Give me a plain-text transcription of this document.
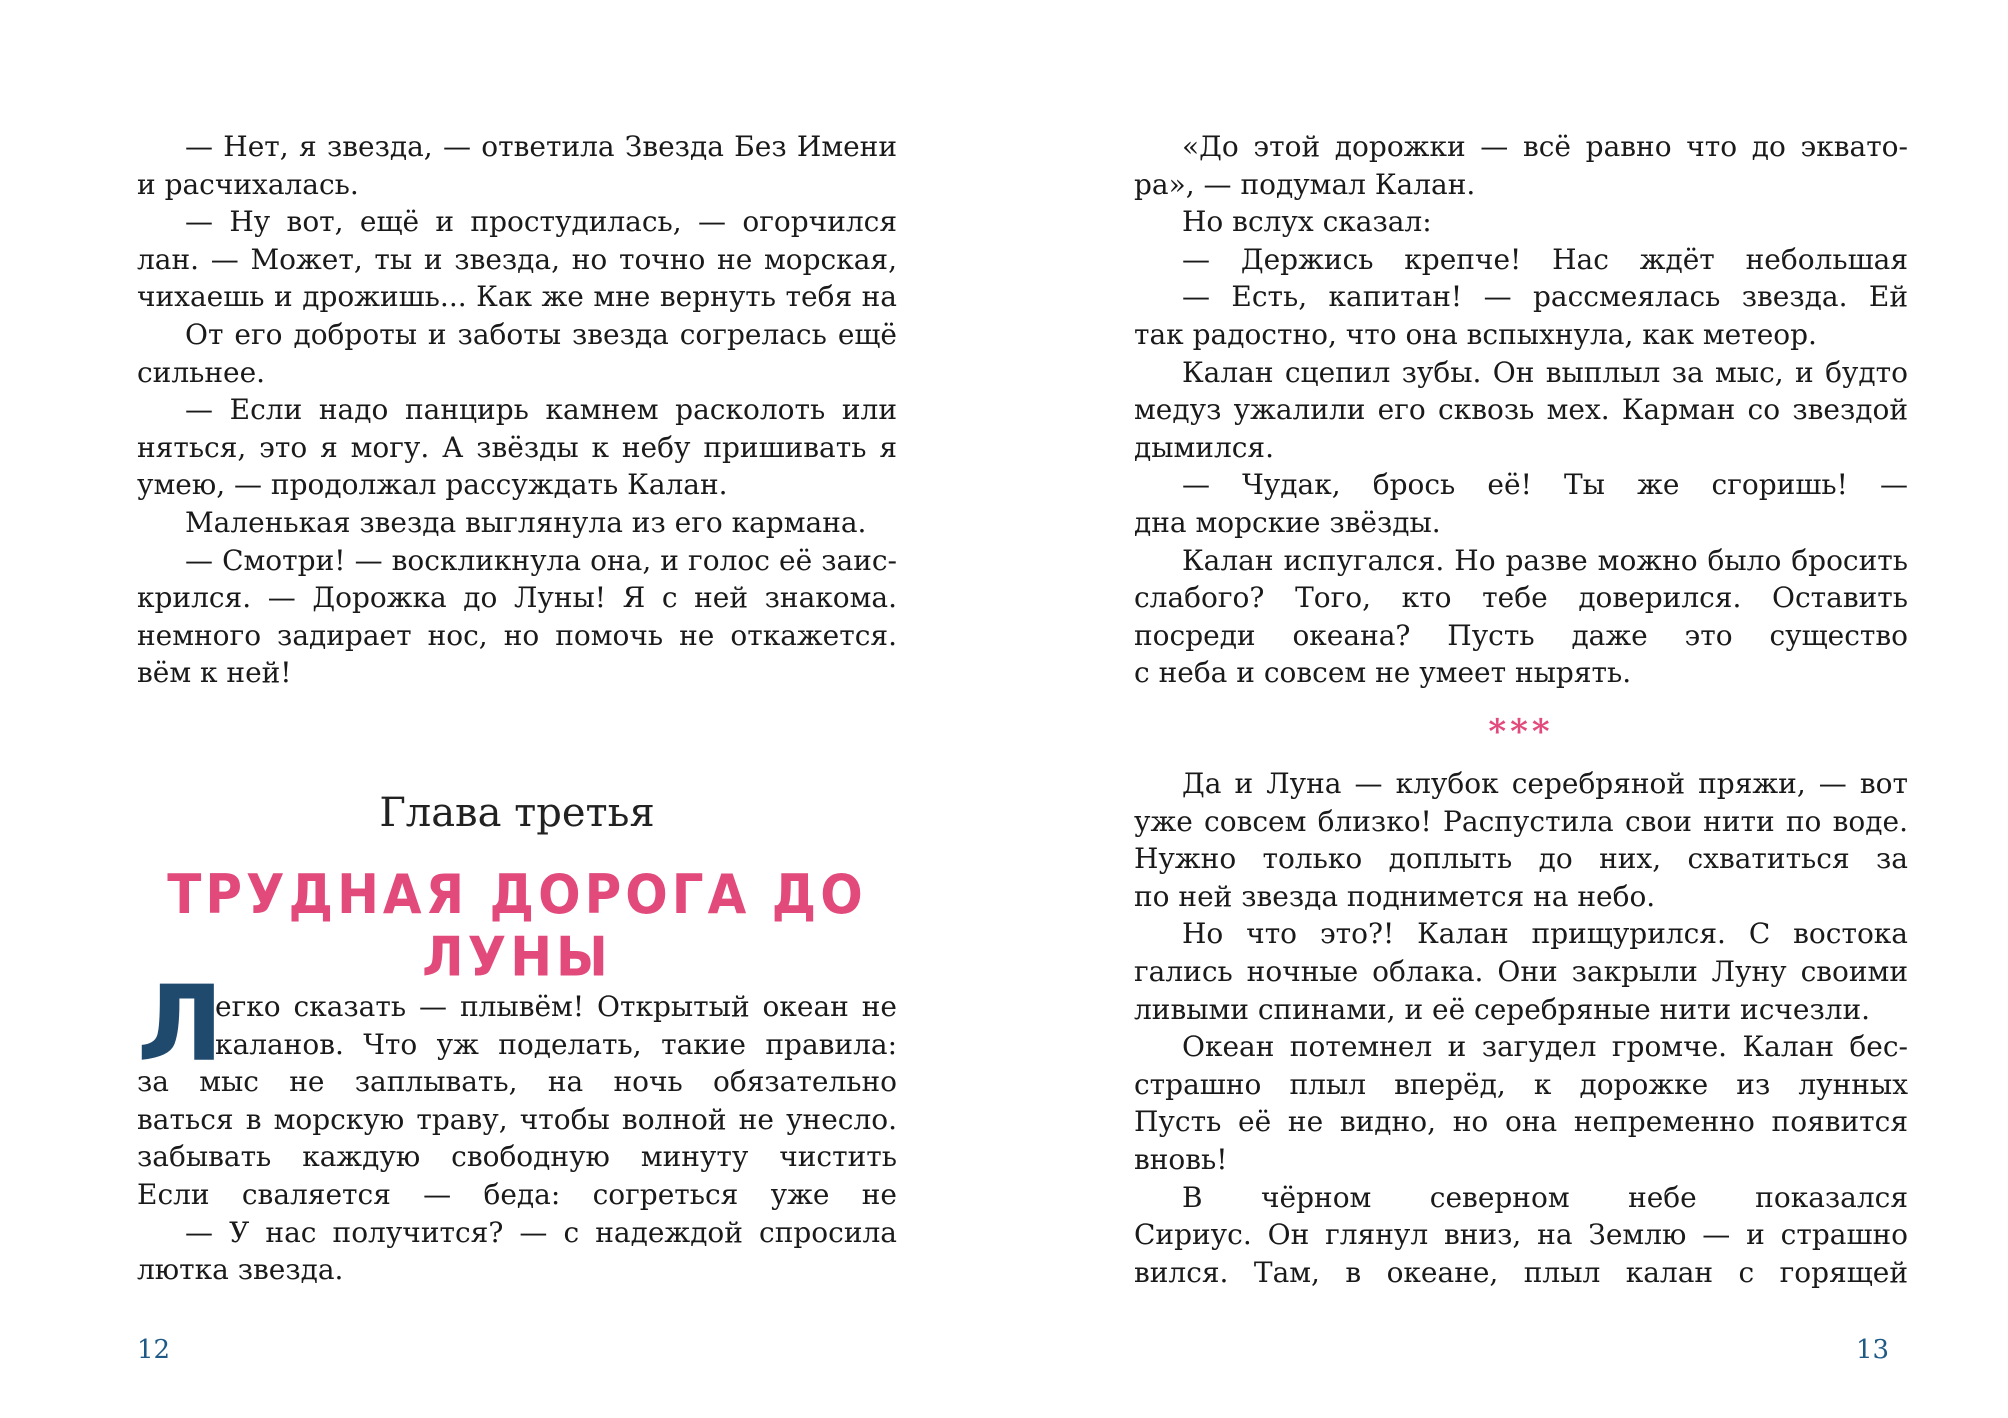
— Нет, я звезда, — ответила Звезда Без Имени
и расчихалась.
— Ну вот, ещё и простудилась, — огорчился
лан. — Может, ты и звезда, но точно не морская,
чихаешь и дрожишь... Как же мне вернуть тебя на
От его доброты и заботы звезда согрелась ещё
сильнее.
— Если надо панцирь камнем расколоть или
няться, это я могу. А звёзды к небу пришивать я
умею, — продолжал рассуждать Калан.
Маленькая звезда выглянула из его кармана.
— Смотри! — воскликнула она, и голос её заис-
крился. — Дорожка до Луны! Я с ней знакома.
немного задирает нос, но помочь не откажется.
вём к ней!
Глава третья
ТРУДНАЯ ДОРОГА ДО ЛУНЫ
Л
егко сказать — плывём! Открытый океан не
каланов. Что уж поделать, такие правила:
за мыс не заплывать, на ночь обязательно
ваться в морскую траву, чтобы волной не унесло.
забывать каждую свободную минуту чистить
Если сваляется — беда: согреться уже не
— У нас получится? — с надеждой спросила
лютка звезда.
12
«До этой дорожки — всё равно что до эквато-
ра», — подумал Калан.
Но вслух сказал:
— Держись крепче! Нас ждёт небольшая
— Есть, капитан! — рассмеялась звезда. Ей
так радостно, что она вспыхнула, как метеор.
Калан сцепил зубы. Он выплыл за мыс, и будто
медуз ужалили его сквозь мех. Карман со звездой
дымился.
— Чудак, брось её! Ты же сгоришь! —
дна морские звёзды.
Калан испугался. Но разве можно было бросить
слабого? Того, кто тебе доверился. Оставить
посреди океана? Пусть даже это существо
с неба и совсем не умеет нырять.
***
Да и Луна — клубок серебряной пряжи, — вот
уже совсем близко! Распустила свои нити по воде.
Нужно только доплыть до них, схватиться за
по ней звезда поднимется на небо.
Но что это?! Калан прищурился. С востока
гались ночные облака. Они закрыли Луну своими
ливыми спинами, и её серебряные нити исчезли.
Океан потемнел и загудел громче. Калан бес-
страшно плыл вперёд, к дорожке из лунных
Пусть её не видно, но она непременно появится
вновь!
В чёрном северном небе показался
Сириус. Он глянул вниз, на Землю — и страшно
вился. Там, в океане, плыл калан с горящей
13
